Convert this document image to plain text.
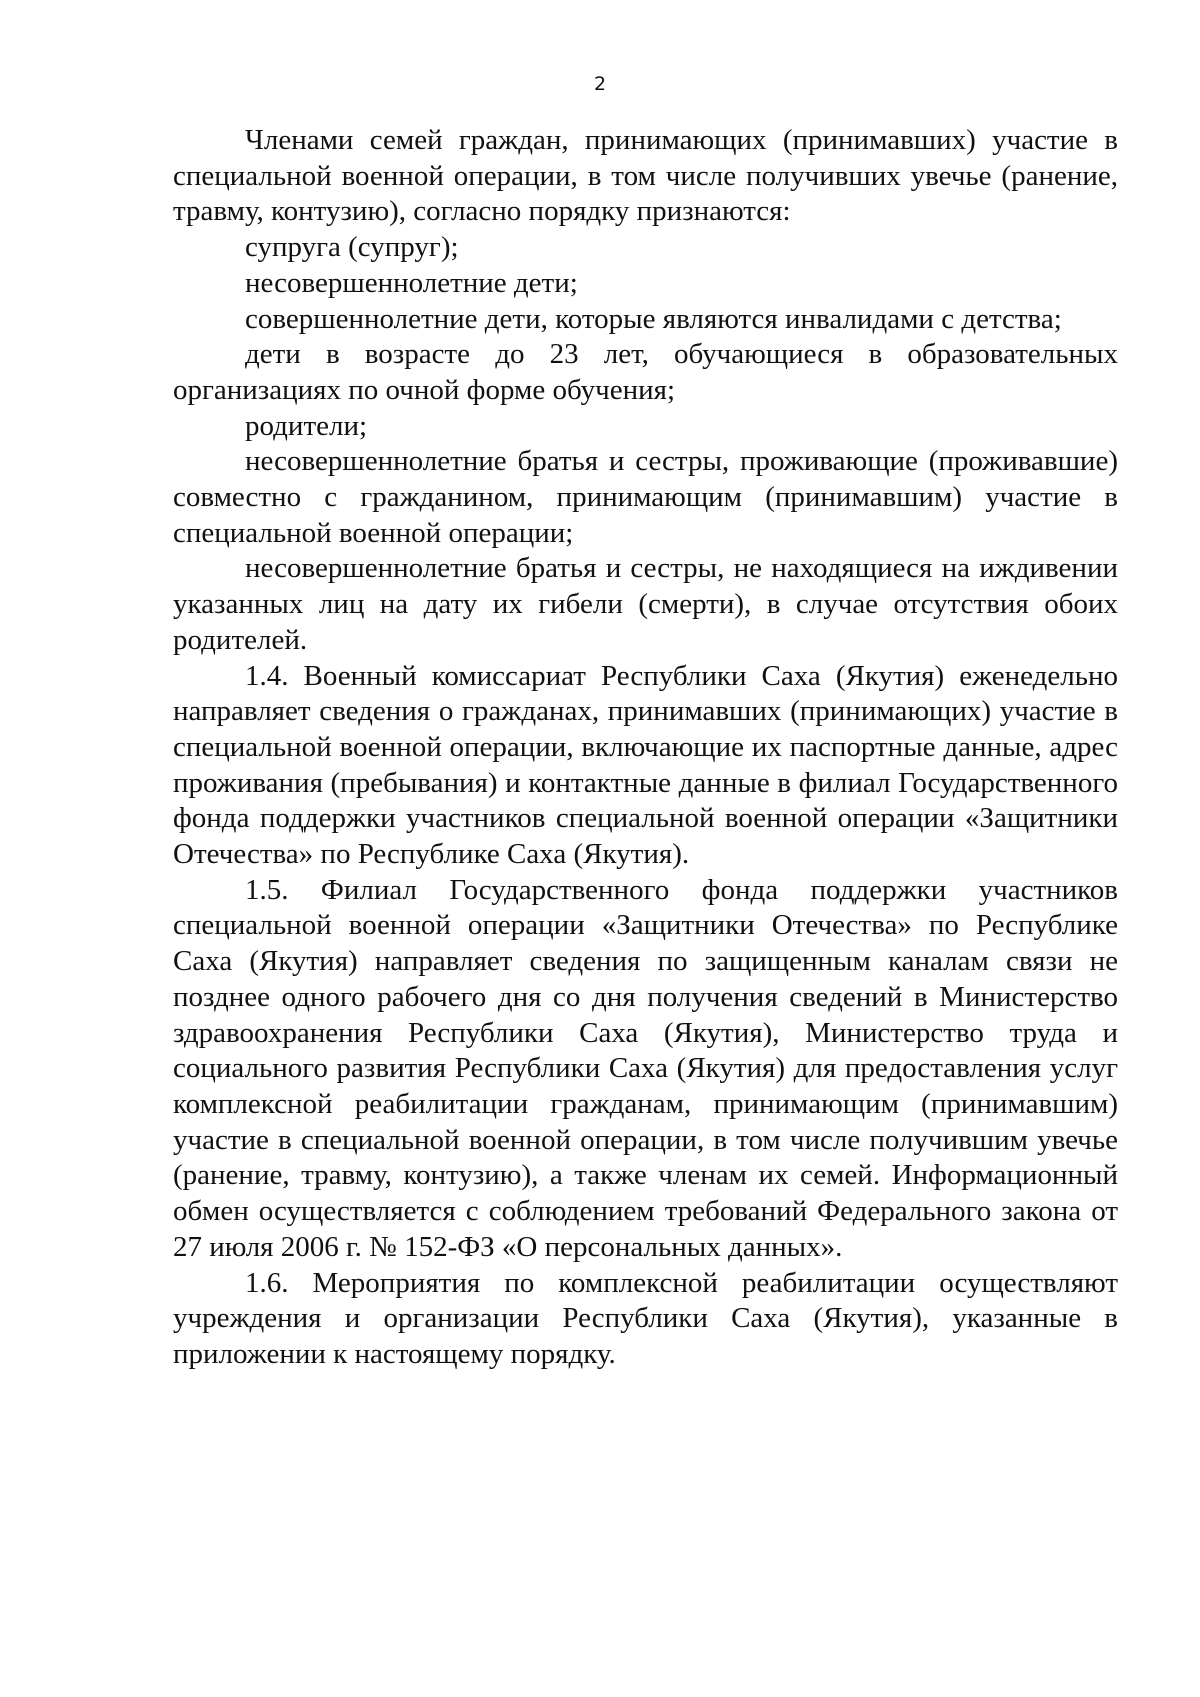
2

Членами семей граждан, принимающих (принимавших) участие в специальной военной операции, в том числе получивших увечье (ранение, травму, контузию), согласно порядку признаются:

супруга (супруг);

несовершеннолетние дети;

совершеннолетние дети, которые являются инвалидами с детства;

дети в возрасте до 23 лет, обучающиеся в образовательных организациях по очной форме обучения;

родители;

несовершеннолетние братья и сестры, проживающие (проживавшие) совместно с гражданином, принимающим (принимавшим) участие в специальной военной операции;

несовершеннолетние братья и сестры, не находящиеся на иждивении указанных лиц на дату их гибели (смерти), в случае отсутствия обоих родителей.

1.4. Военный комиссариат Республики Саха (Якутия) еженедельно направляет сведения о гражданах, принимавших (принимающих) участие в специальной военной операции, включающие их паспортные данные, адрес проживания (пребывания) и контактные данные в филиал Государственного фонда поддержки участников специальной военной операции «Защитники Отечества» по Республике Саха (Якутия).

1.5. Филиал Государственного фонда поддержки участников специальной военной операции «Защитники Отечества» по Республике Саха (Якутия) направляет сведения по защищенным каналам связи не позднее одного рабочего дня со дня получения сведений в Министерство здравоохранения Республики Саха (Якутия), Министерство труда и социального развития Республики Саха (Якутия) для предоставления услуг комплексной реабилитации гражданам, принимающим (принимавшим) участие в специальной военной операции, в том числе получившим увечье (ранение, травму, контузию), а также членам их семей. Информационный обмен осуществляется с соблюдением требований Федерального закона от 27 июля 2006 г. № 152-ФЗ «О персональных данных».

1.6. Мероприятия по комплексной реабилитации осуществляют учреждения и организации Республики Саха (Якутия), указанные в приложении к настоящему порядку.
